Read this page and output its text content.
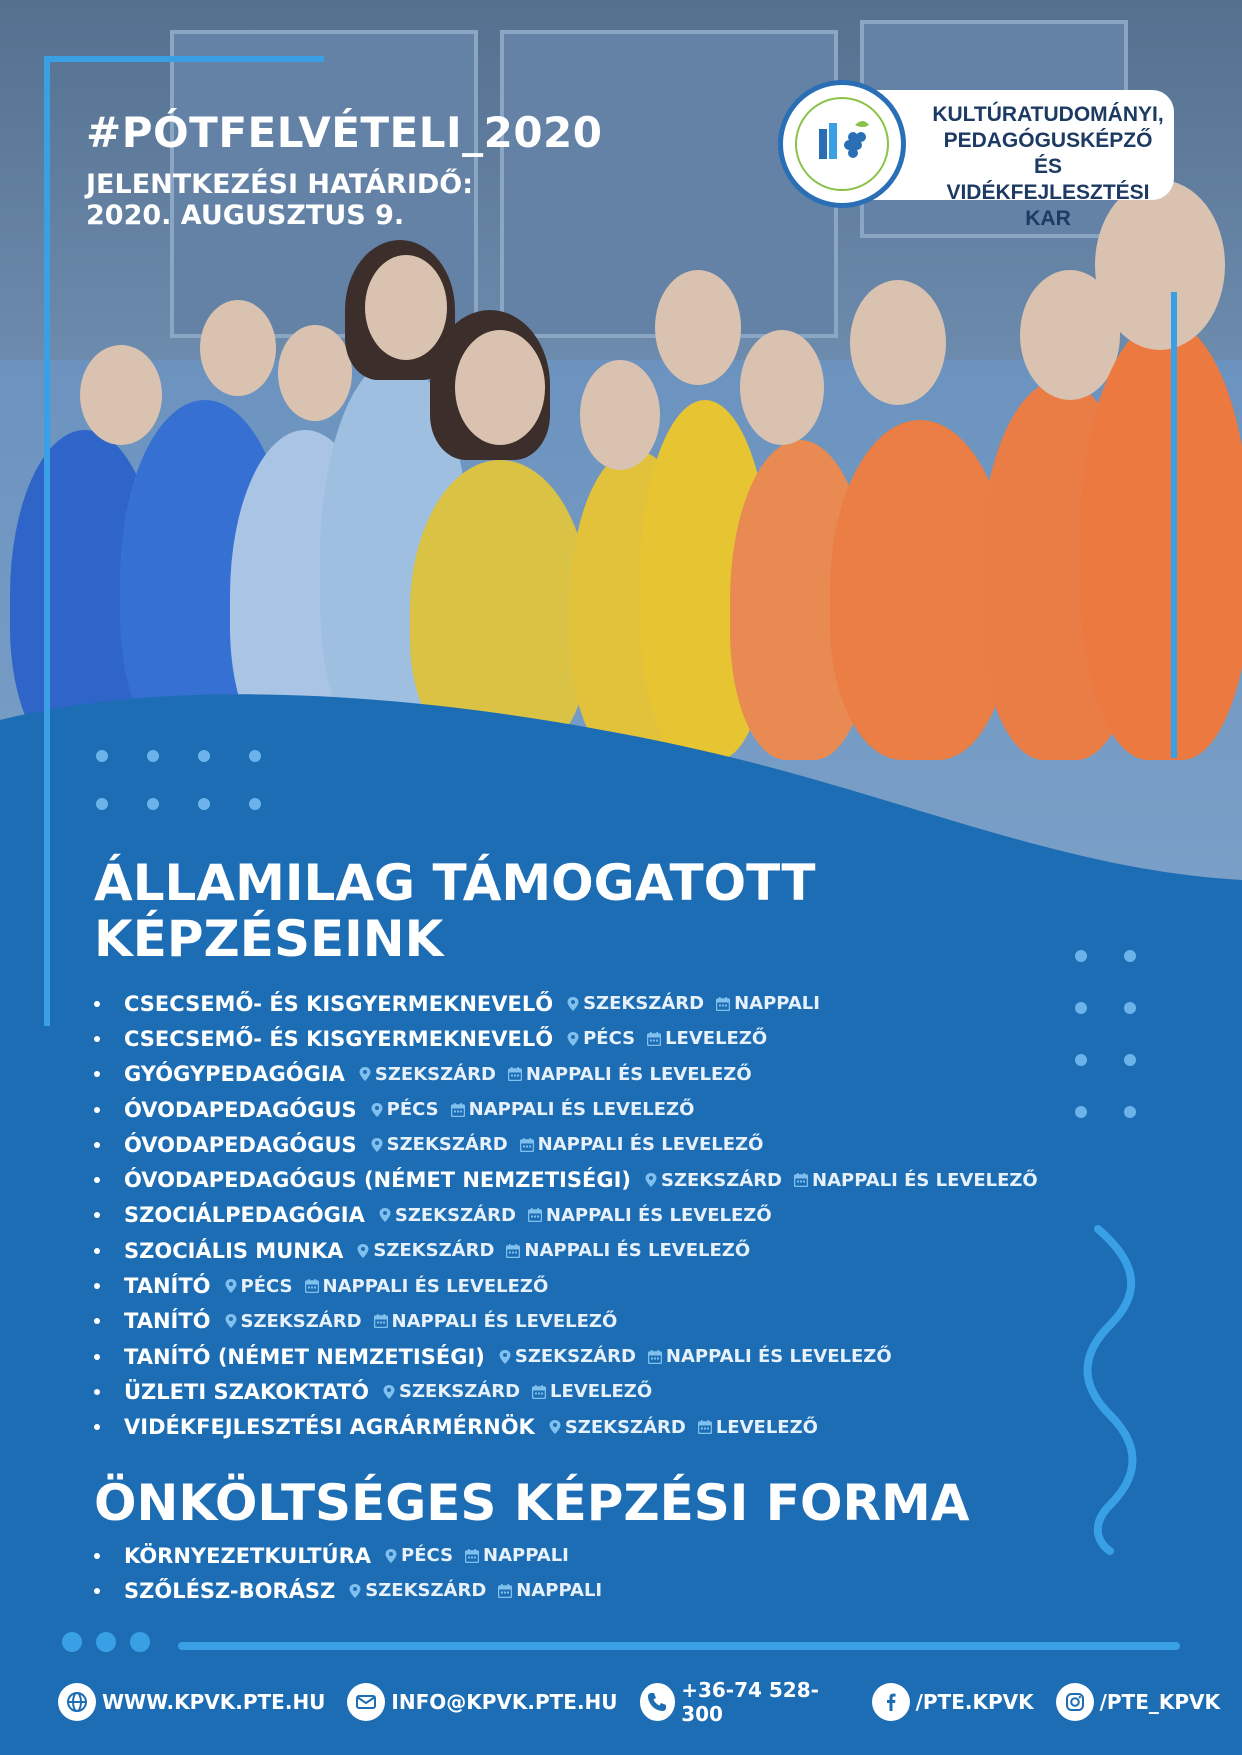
#PÓTFELVÉTELI_2020
JELENTKEZÉSI HATÁRIDŐ:
2020. AUGUSZTUS 9.
KULTÚRATUDOMÁNYI,
PEDAGÓGUSKÉPZŐ ÉS
VIDÉKFEJLESZTÉSI KAR
ÁLLAMILAG TÁMOGATOTT
KÉPZÉSEINK
CSECSEMŐ- ÉS KISGYERMEKNEVELŐ SZEKSZÁRD NAPPALI
CSECSEMŐ- ÉS KISGYERMEKNEVELŐ PÉCS LEVELEZŐ
GYÓGYPEDAGÓGIA SZEKSZÁRD NAPPALI ÉS LEVELEZŐ
ÓVODAPEDAGÓGUS PÉCS NAPPALI ÉS LEVELEZŐ
ÓVODAPEDAGÓGUS SZEKSZÁRD NAPPALI ÉS LEVELEZŐ
ÓVODAPEDAGÓGUS (NÉMET NEMZETISÉGI) SZEKSZÁRD NAPPALI ÉS LEVELEZŐ
SZOCIÁLPEDAGÓGIA SZEKSZÁRD NAPPALI ÉS LEVELEZŐ
SZOCIÁLIS MUNKA SZEKSZÁRD NAPPALI ÉS LEVELEZŐ
TANÍTÓ PÉCS NAPPALI ÉS LEVELEZŐ
TANÍTÓ SZEKSZÁRD NAPPALI ÉS LEVELEZŐ
TANÍTÓ (NÉMET NEMZETISÉGI) SZEKSZÁRD NAPPALI ÉS LEVELEZŐ
ÜZLETI SZAKOKTATÓ SZEKSZÁRD LEVELEZŐ
VIDÉKFEJLESZTÉSI AGRÁRMÉRNÖK SZEKSZÁRD LEVELEZŐ
ÖNKÖLTSÉGES KÉPZÉSI FORMA
KÖRNYEZETKULTÚRA PÉCS NAPPALI
SZŐLÉSZ-BORÁSZ SZEKSZÁRD NAPPALI
WWW.KPVK.PTE.HU	INFO@KPVK.PTE.HU	+36-74 528-300	/PTE.KPVK	/PTE_KPVK
